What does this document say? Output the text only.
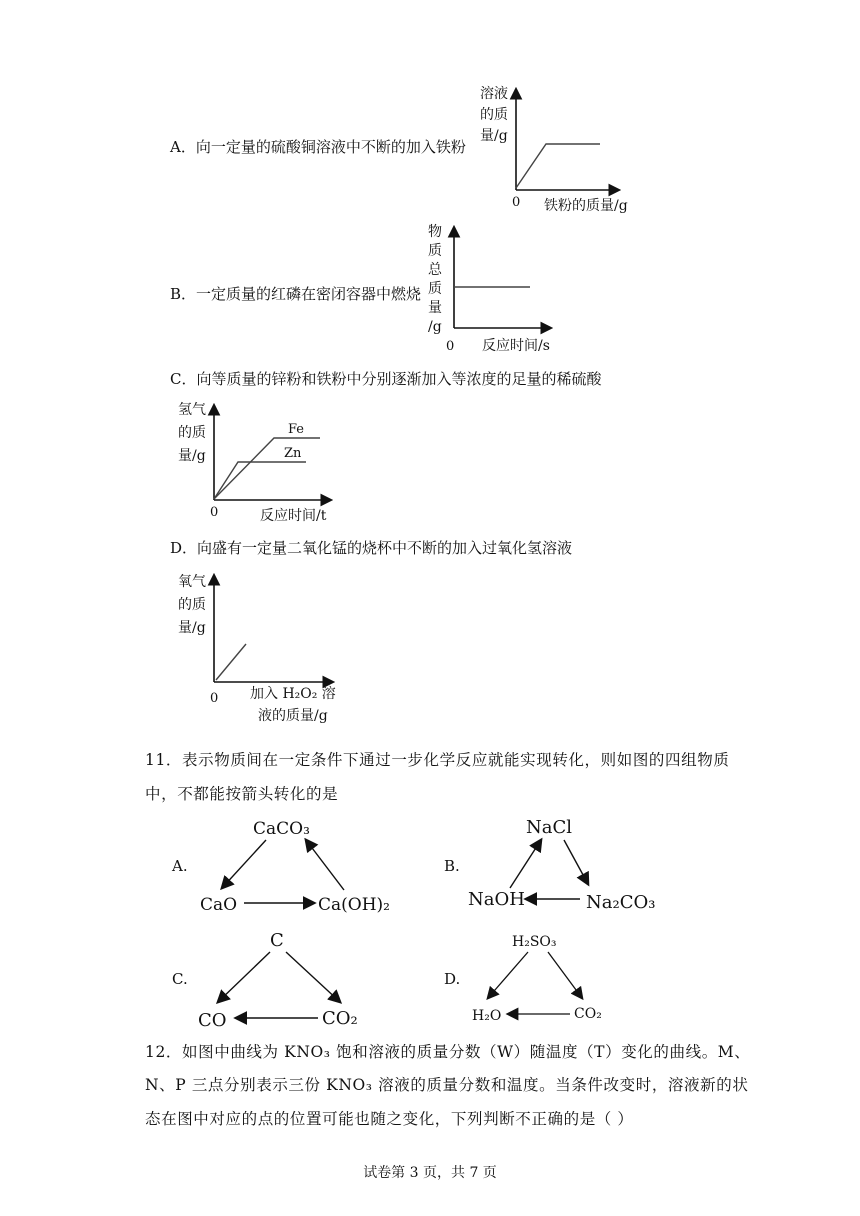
A．向一定量的硫酸铜溶液中不断的加入铁粉
溶液
的质
量/g
0 铁粉的质量/g
B．一定质量的红磷在密闭容器中燃烧
物
质
总
质
量
/g
0 反应时间/s
C．向等质量的锌粉和铁粉中分别逐渐加入等浓度的足量的稀硫酸
氢气
的质
量/g
Fe
Zn
0	反应时间/t
D．向盛有一定量二氧化锰的烧杯中不断的加入过氧化氢溶液
氧气
的质
量/g
0 加入 H₂O₂ 溶
液的质量/g
11．表示物质间在一定条件下通过一步化学反应就能实现转化，则如图的四组物质
中，不都能按箭头转化的是
A.
CaCO₃
CaO	Ca(OH)₂
B.
NaCl
NaOH	Na₂CO₃
C.
C
CO	CO₂
D.
H₂SO₃
H₂O	CO₂
12．如图中曲线为 KNO₃ 饱和溶液的质量分数（W）随温度（T）变化的曲线。M、
N、P 三点分别表示三份 KNO₃ 溶液的质量分数和温度。当条件改变时，溶液新的状
态在图中对应的点的位置可能也随之变化，下列判断不正确的是（ ）
试卷第 3 页，共 7 页
